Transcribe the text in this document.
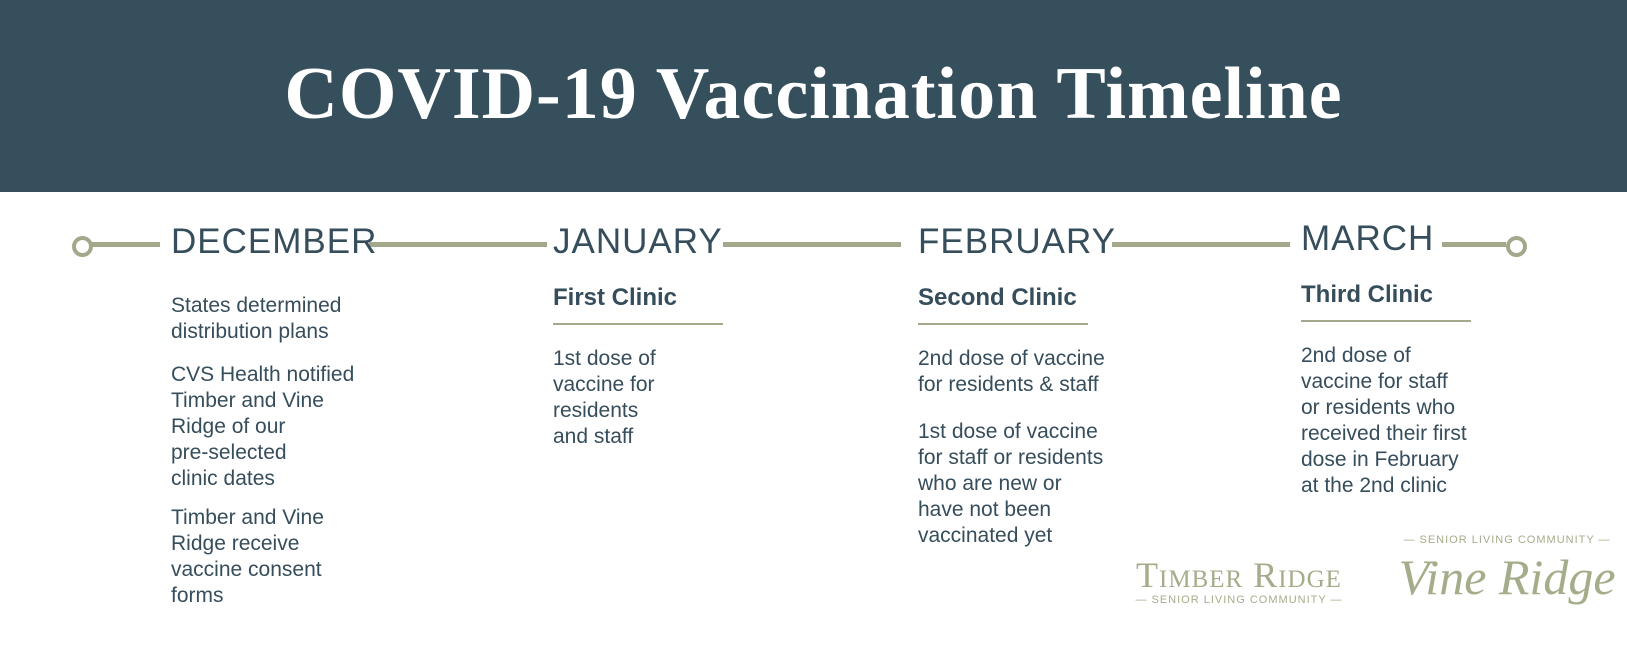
COVID-19 Vaccination Timeline
DECEMBER

States determined
distribution plans

CVS Health notified
Timber and Vine
Ridge of our
pre-selected
clinic dates

Timber and Vine
Ridge receive
vaccine consent
forms

JANUARY
First Clinic

1st dose of
vaccine for
residents
and staff

FEBRUARY
Second Clinic

2nd dose of vaccine
for residents & staff

1st dose of vaccine
for staff or residents
who are new or
have not been
vaccinated yet

MARCH
Third Clinic

2nd dose of
vaccine for staff
or residents who
received their first
dose in February
at the 2nd clinic

Timber Ridge
— SENIOR LIVING COMMUNITY —
— SENIOR LIVING COMMUNITY —
Vine Ridge
